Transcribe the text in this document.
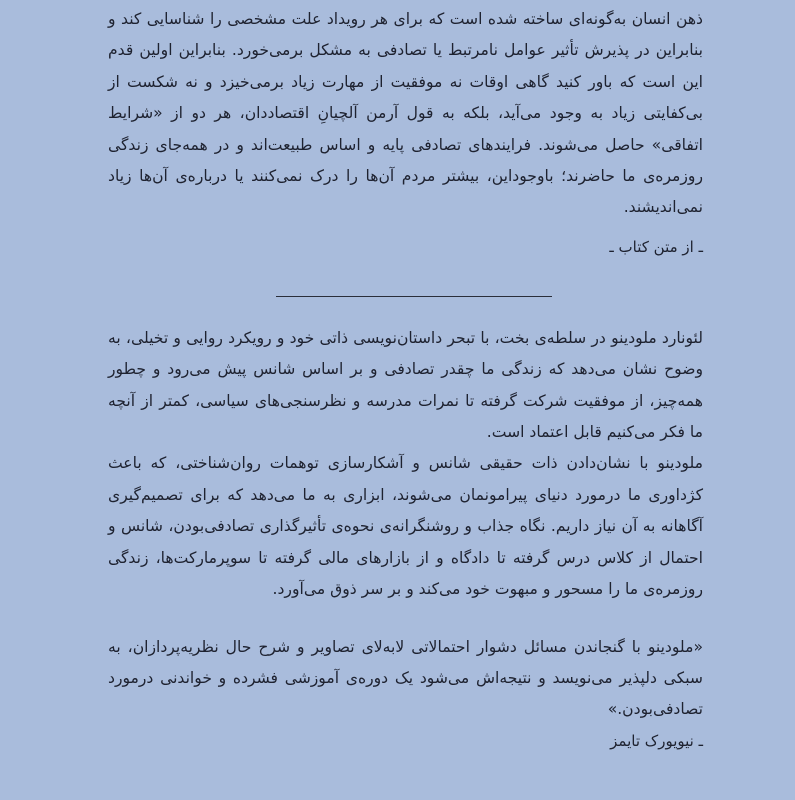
ذهن انسان به‌گونه‌ای ساخته شده است که برای هر رویداد علت مشخصی را شناسایی کند و بنابراین در پذیرش تأثیر عوامل نامرتبط یا تصادفی به مشکل برمی‌خورد. بنابراین اولین قدم این است که باور کنید گاهی اوقات نه موفقیت از مهارت زیاد برمی‌خیزد و نه شکست از بی‌کفایتی زیاد به وجود می‌آید، بلکه به قول آرمن آلچیانِ اقتصاددان، هر دو از «شرایط اتفاقی» حاصل می‌شوند. فرایندهای تصادفی پایه و اساس طبیعت‌اند و در همه‌جای زندگی روزمره‌ی ما حاضرند؛ باوجوداین، بیشتر مردم آن‌ها را درک نمی‌کنند یا درباره‌ی آن‌ها زیاد نمی‌اندیشند.

ـ از متن کتاب ـ

لئونارد ملودینو در سلطه‌ی بخت، با تبحر داستان‌نویسی ذاتی خود و رویکرد روایی و تخیلی، به وضوح نشان می‌دهد که زندگی ما چقدر تصادفی و بر اساس شانس پیش می‌رود و چطور همه‌چیز، از موفقیت شرکت گرفته تا نمرات مدرسه و نظرسنجی‌های سیاسی، کمتر از آنچه ما فکر می‌کنیم قابل اعتماد است.

ملودینو با نشان‌دادن ذات حقیقی شانس و آشکارسازی توهمات روان‌شناختی، که باعث کژداوری ما درمورد دنیای پیرامونمان می‌شوند، ابزاری به ما می‌دهد که برای تصمیم‌گیری آگاهانه به آن نیاز داریم. نگاه جذاب و روشنگرانه‌ی نحوه‌ی تأثیرگذاری تصادفی‌بودن، شانس و احتمال از کلاس درس گرفته تا دادگاه و از بازارهای مالی گرفته تا سوپرمارکت‌ها، زندگی روزمره‌ی ما را مسحور و مبهوت خود می‌کند و بر سر ذوق می‌آورد.

«ملودینو با گنجاندن مسائل دشوار احتمالاتی لابه‌لای تصاویر و شرح حال نظریه‌پردازان، به سبکی دلپذیر می‌نویسد و نتیجه‌اش می‌شود یک دوره‌ی آموزشی فشرده و خواندنی درمورد تصادفی‌بودن.»

ـ نیویورک تایمز
